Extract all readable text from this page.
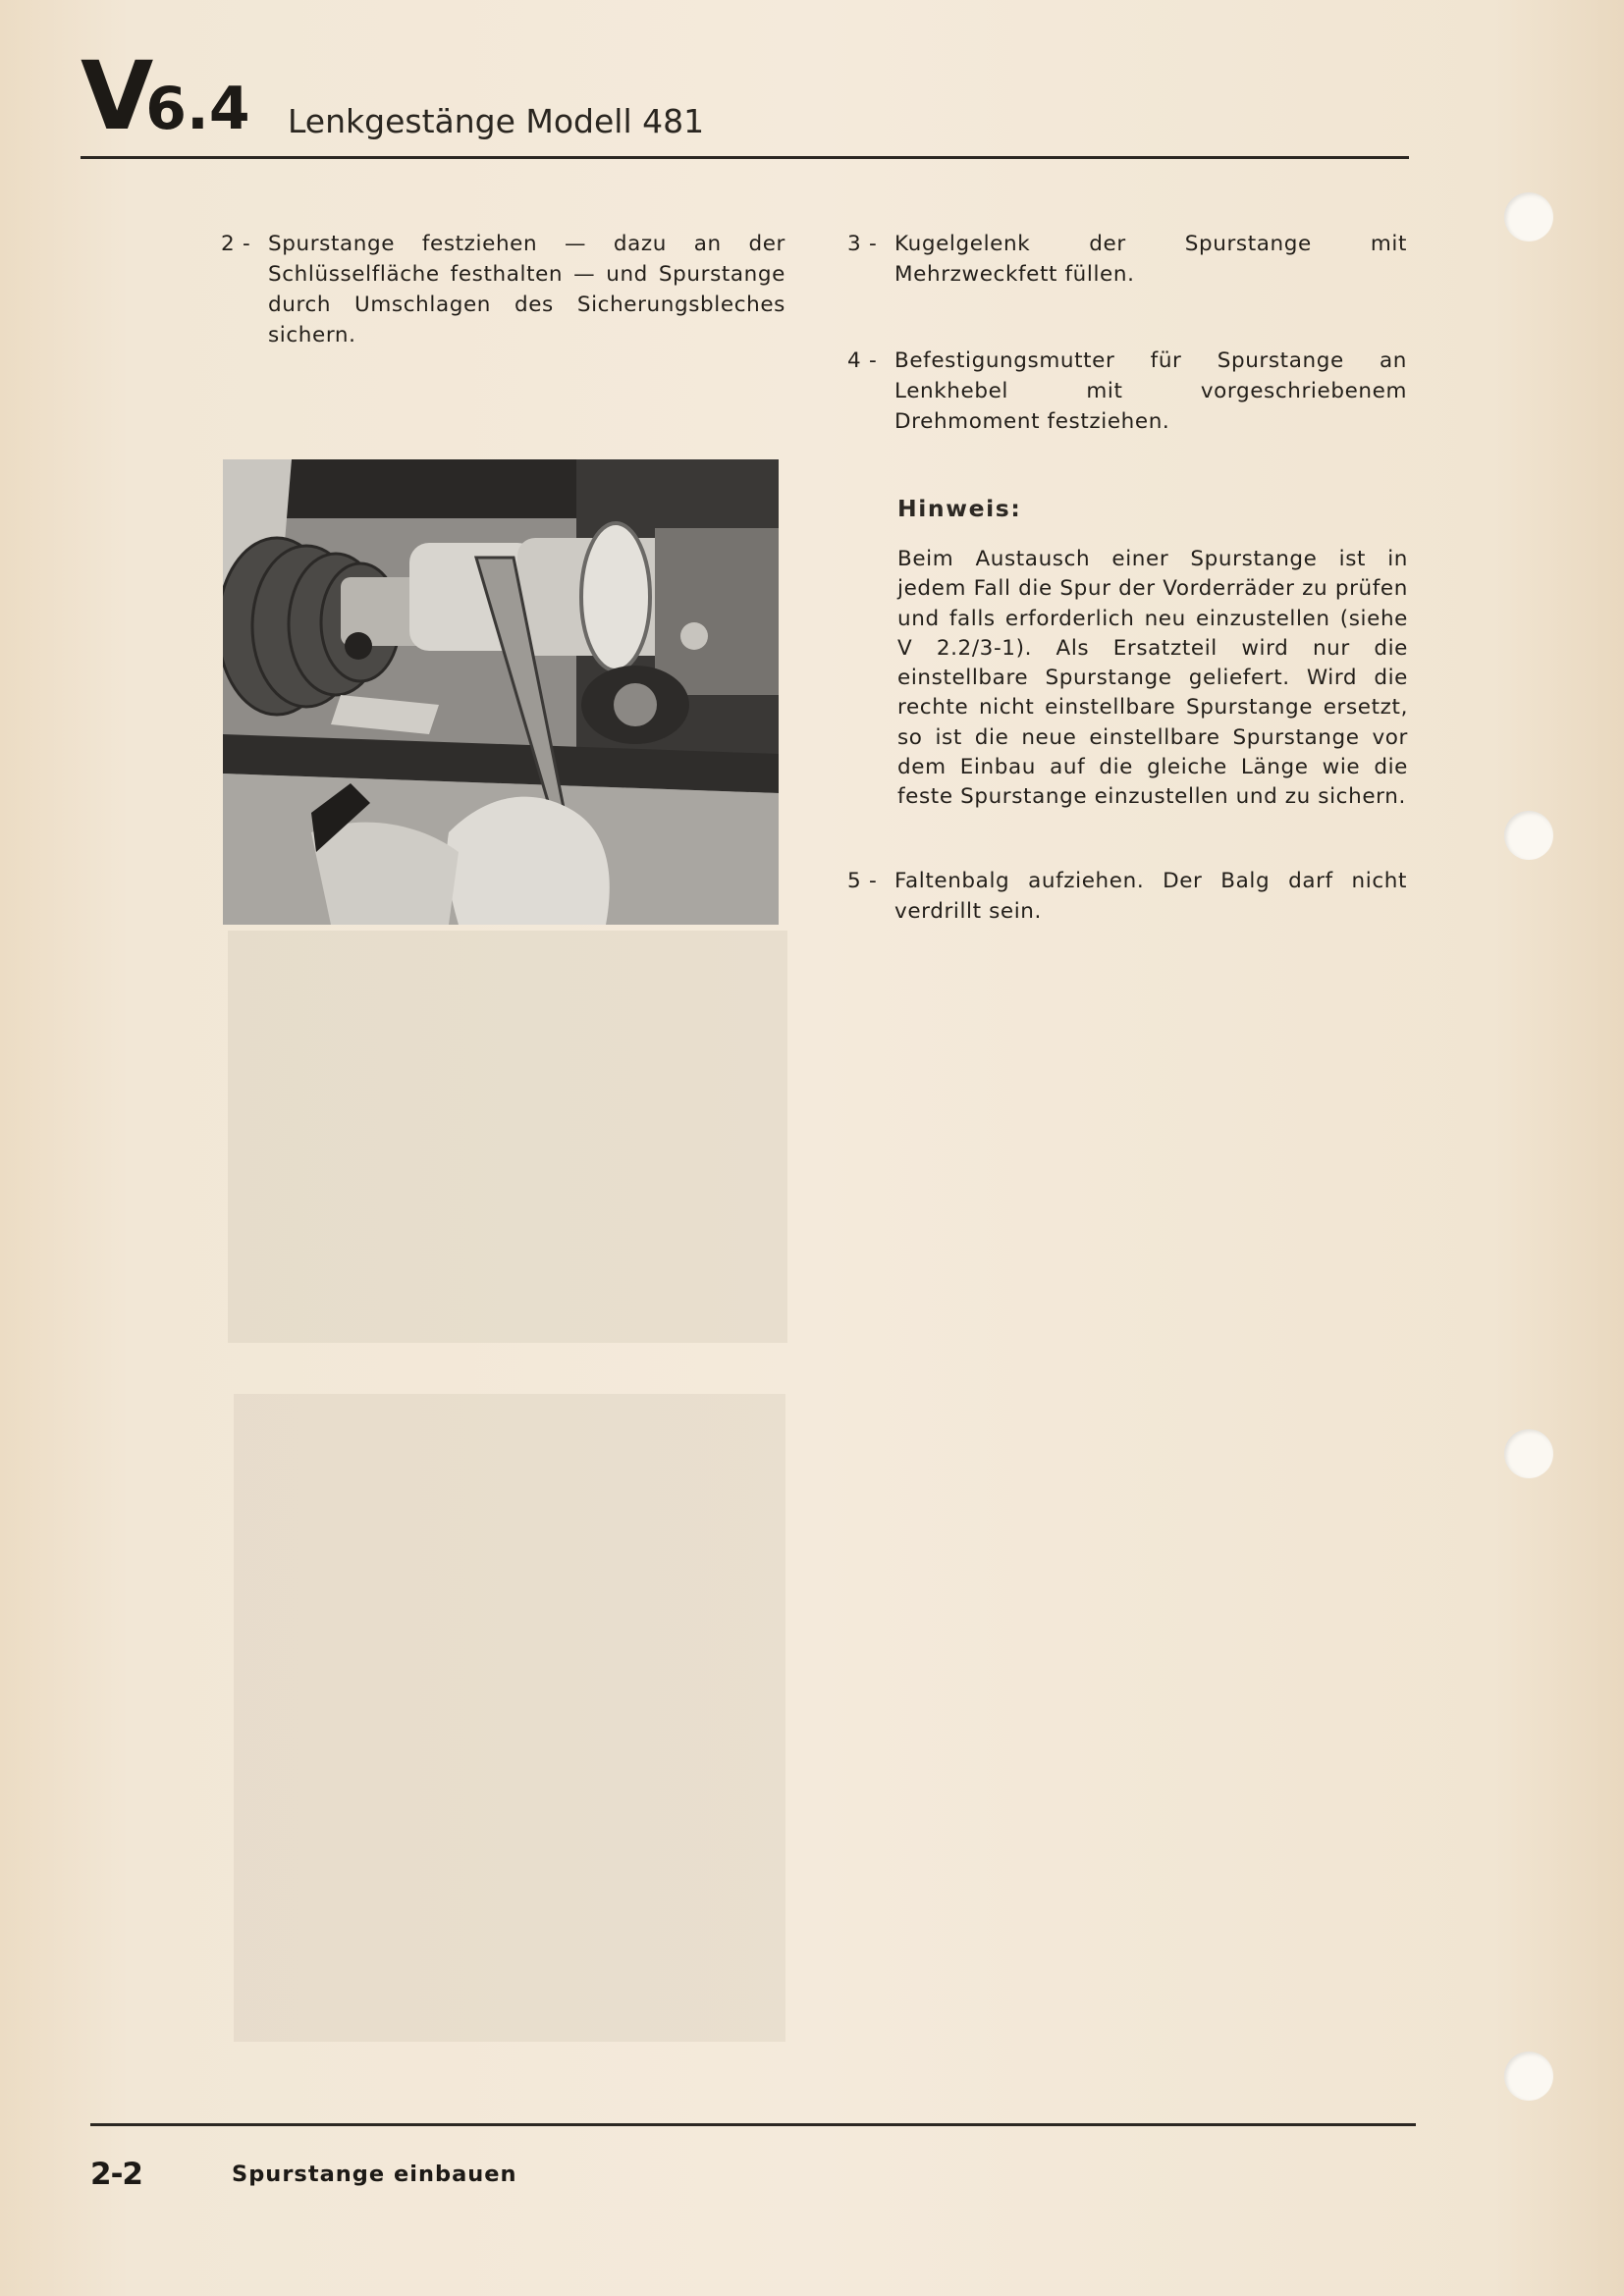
V6.4 Lenkgestänge Modell 481
2 - Spurstange festziehen — dazu an der Schlüsselfläche festhalten — und Spurstange durch Umschlagen des Sicherungsbleches sichern.
3 - Kugelgelenk der Spurstange mit Mehrzweckfett füllen.
4 - Befestigungsmutter für Spurstange an Lenkhebel mit vorgeschriebenem Drehmoment festziehen.
Hinweis:
Beim Austausch einer Spurstange ist in jedem Fall die Spur der Vorderräder zu prüfen und falls erforderlich neu einzustellen (siehe V 2.2/3-1). Als Ersatzteil wird nur die einstellbare Spurstange geliefert. Wird die rechte nicht einstellbare Spurstange ersetzt, so ist die neue einstellbare Spurstange vor dem Einbau auf die gleiche Länge wie die feste Spurstange einzustellen und zu sichern.
5 - Faltenbalg aufziehen. Der Balg darf nicht verdrillt sein.
2-2	Spurstange einbauen
